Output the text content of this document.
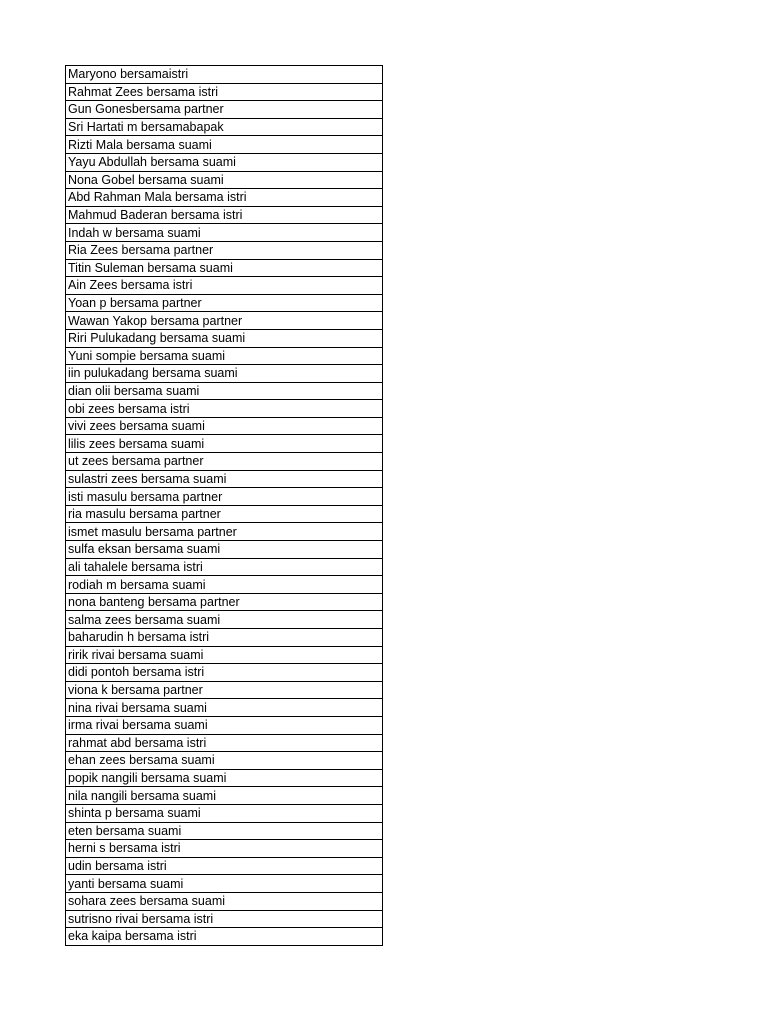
Maryono bersamaistri
Rahmat Zees bersama istri
Gun Gonesbersama partner
Sri Hartati m bersamabapak
Rizti Mala bersama suami
Yayu Abdullah bersama suami
Nona Gobel bersama suami
Abd Rahman Mala bersama istri
Mahmud Baderan bersama istri
Indah w bersama suami
Ria Zees bersama partner
Titin Suleman bersama suami
Ain Zees bersama istri
Yoan p bersama partner
Wawan Yakop bersama partner
Riri Pulukadang bersama suami
Yuni sompie bersama suami
iin pulukadang bersama suami
dian olii bersama suami
obi zees bersama istri
vivi zees bersama suami
lilis zees bersama suami
ut zees bersama partner
sulastri zees bersama suami
isti masulu bersama partner
ria masulu bersama partner
ismet masulu bersama partner
sulfa eksan bersama suami
ali tahalele bersama istri
rodiah m bersama suami
nona banteng bersama partner
salma zees bersama suami
baharudin h bersama istri
ririk rivai bersama suami
didi pontoh bersama istri
viona k bersama partner
nina rivai bersama suami
irma rivai bersama suami
rahmat abd bersama istri
ehan zees bersama suami
popik nangili bersama suami
nila nangili bersama suami
shinta p bersama suami
eten bersama suami
herni s bersama istri
udin bersama istri
yanti bersama suami
sohara zees bersama suami
sutrisno rivai bersama istri
eka kaipa bersama istri
